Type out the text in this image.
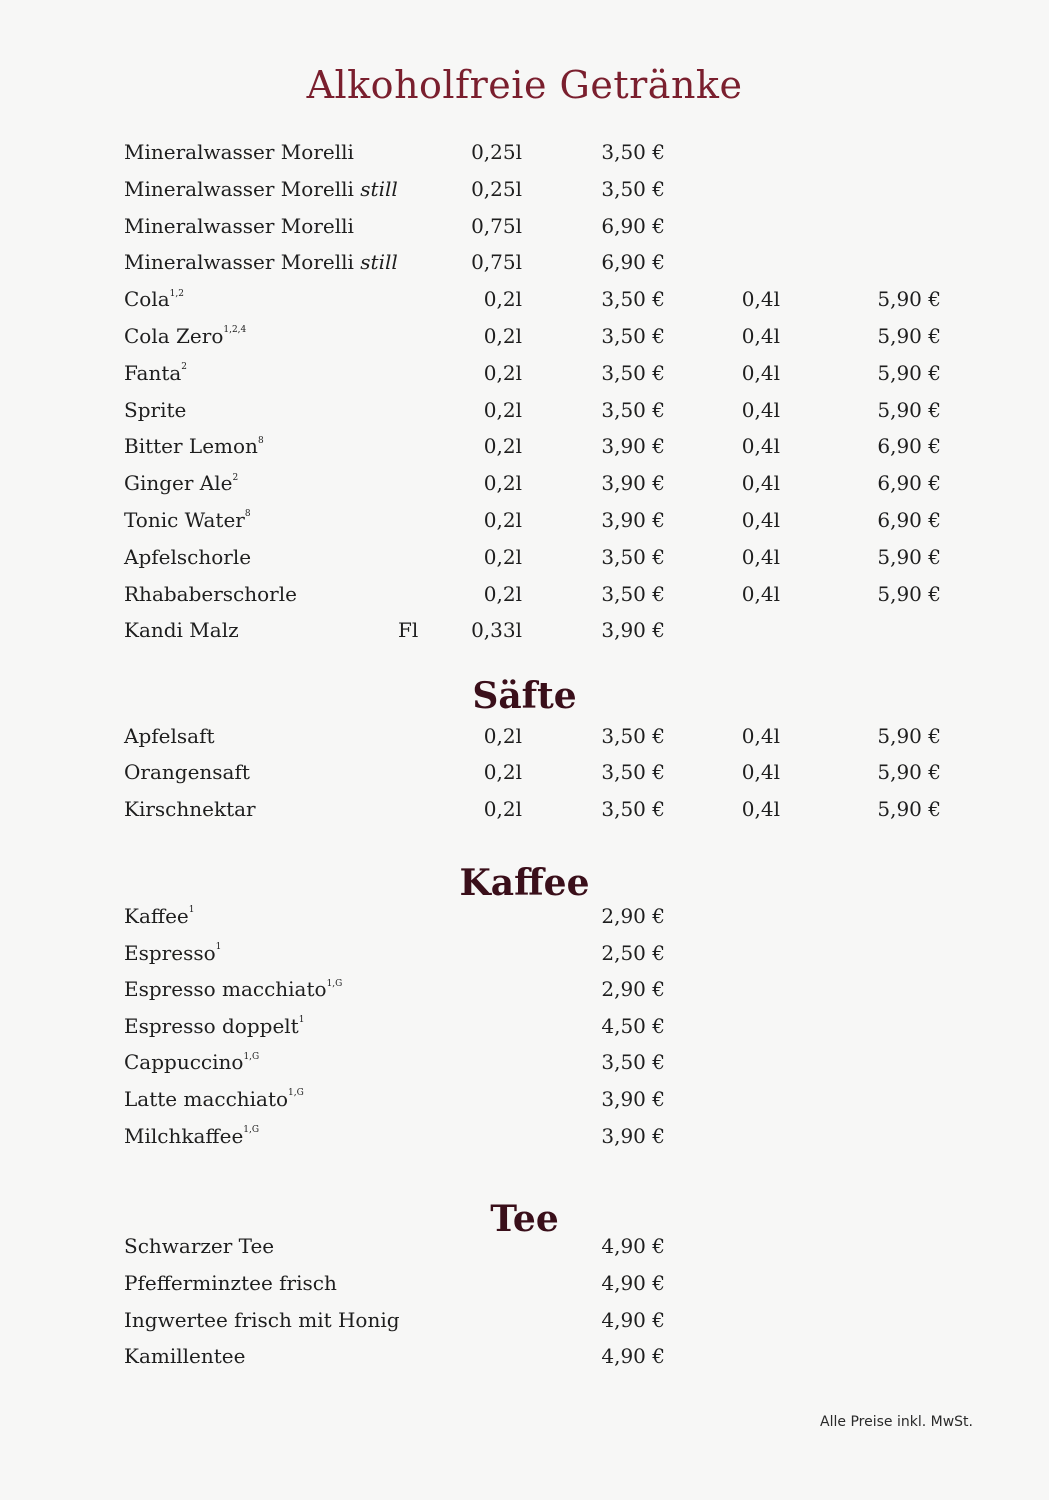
Alkoholfreie Getränke
Mineralwasser Morelli	0,25l	3,50 €
Mineralwasser Morelli still	0,25l	3,50 €
Mineralwasser Morelli	0,75l	6,90 €
Mineralwasser Morelli still	0,75l	6,90 €
Cola$^{1,2}$	0,2l	3,50 €	0,4l	5,90 €
Cola Zero$^{1,2,4}$	0,2l	3,50 €	0,4l	5,90 €
Fanta$^2$	0,2l	3,50 €	0,4l	5,90 €
Sprite	0,2l	3,50 €	0,4l	5,90 €
Bitter Lemon$^8$	0,2l	3,90 €	0,4l	6,90 €
Ginger Ale$^2$	0,2l	3,90 €	0,4l	6,90 €
Tonic Water$^8$	0,2l	3,90 €	0,4l	6,90 €
Apfelschorle	0,2l	3,50 €	0,4l	5,90 €
Rhababerschorle	0,2l	3,50 €	0,4l	5,90 €
Kandi Malz	Fl	0,33l	3,90 €
Säfte
Apfelsaft	0,2l	3,50 €	0,4l	5,90 €
Orangensaft	0,2l	3,50 €	0,4l	5,90 €
Kirschnektar	0,2l	3,50 €	0,4l	5,90 €
Kaffee
Kaffee$^1$	2,90 €
Espresso$^1$	2,50 €
Espresso macchiato$^{1,G}$	2,90 €
Espresso doppelt$^1$	4,50 €
Cappuccino$^{1,G}$	3,50 €
Latte macchiato$^{1,G}$	3,90 €
Milchkaffee$^{1,G}$	3,90 €
Tee
Schwarzer Tee	4,90 €
Pfefferminztee frisch	4,90 €
Ingwertee frisch mit Honig	4,90 €
Kamillentee	4,90 €
Alle Preise inkl. MwSt.
